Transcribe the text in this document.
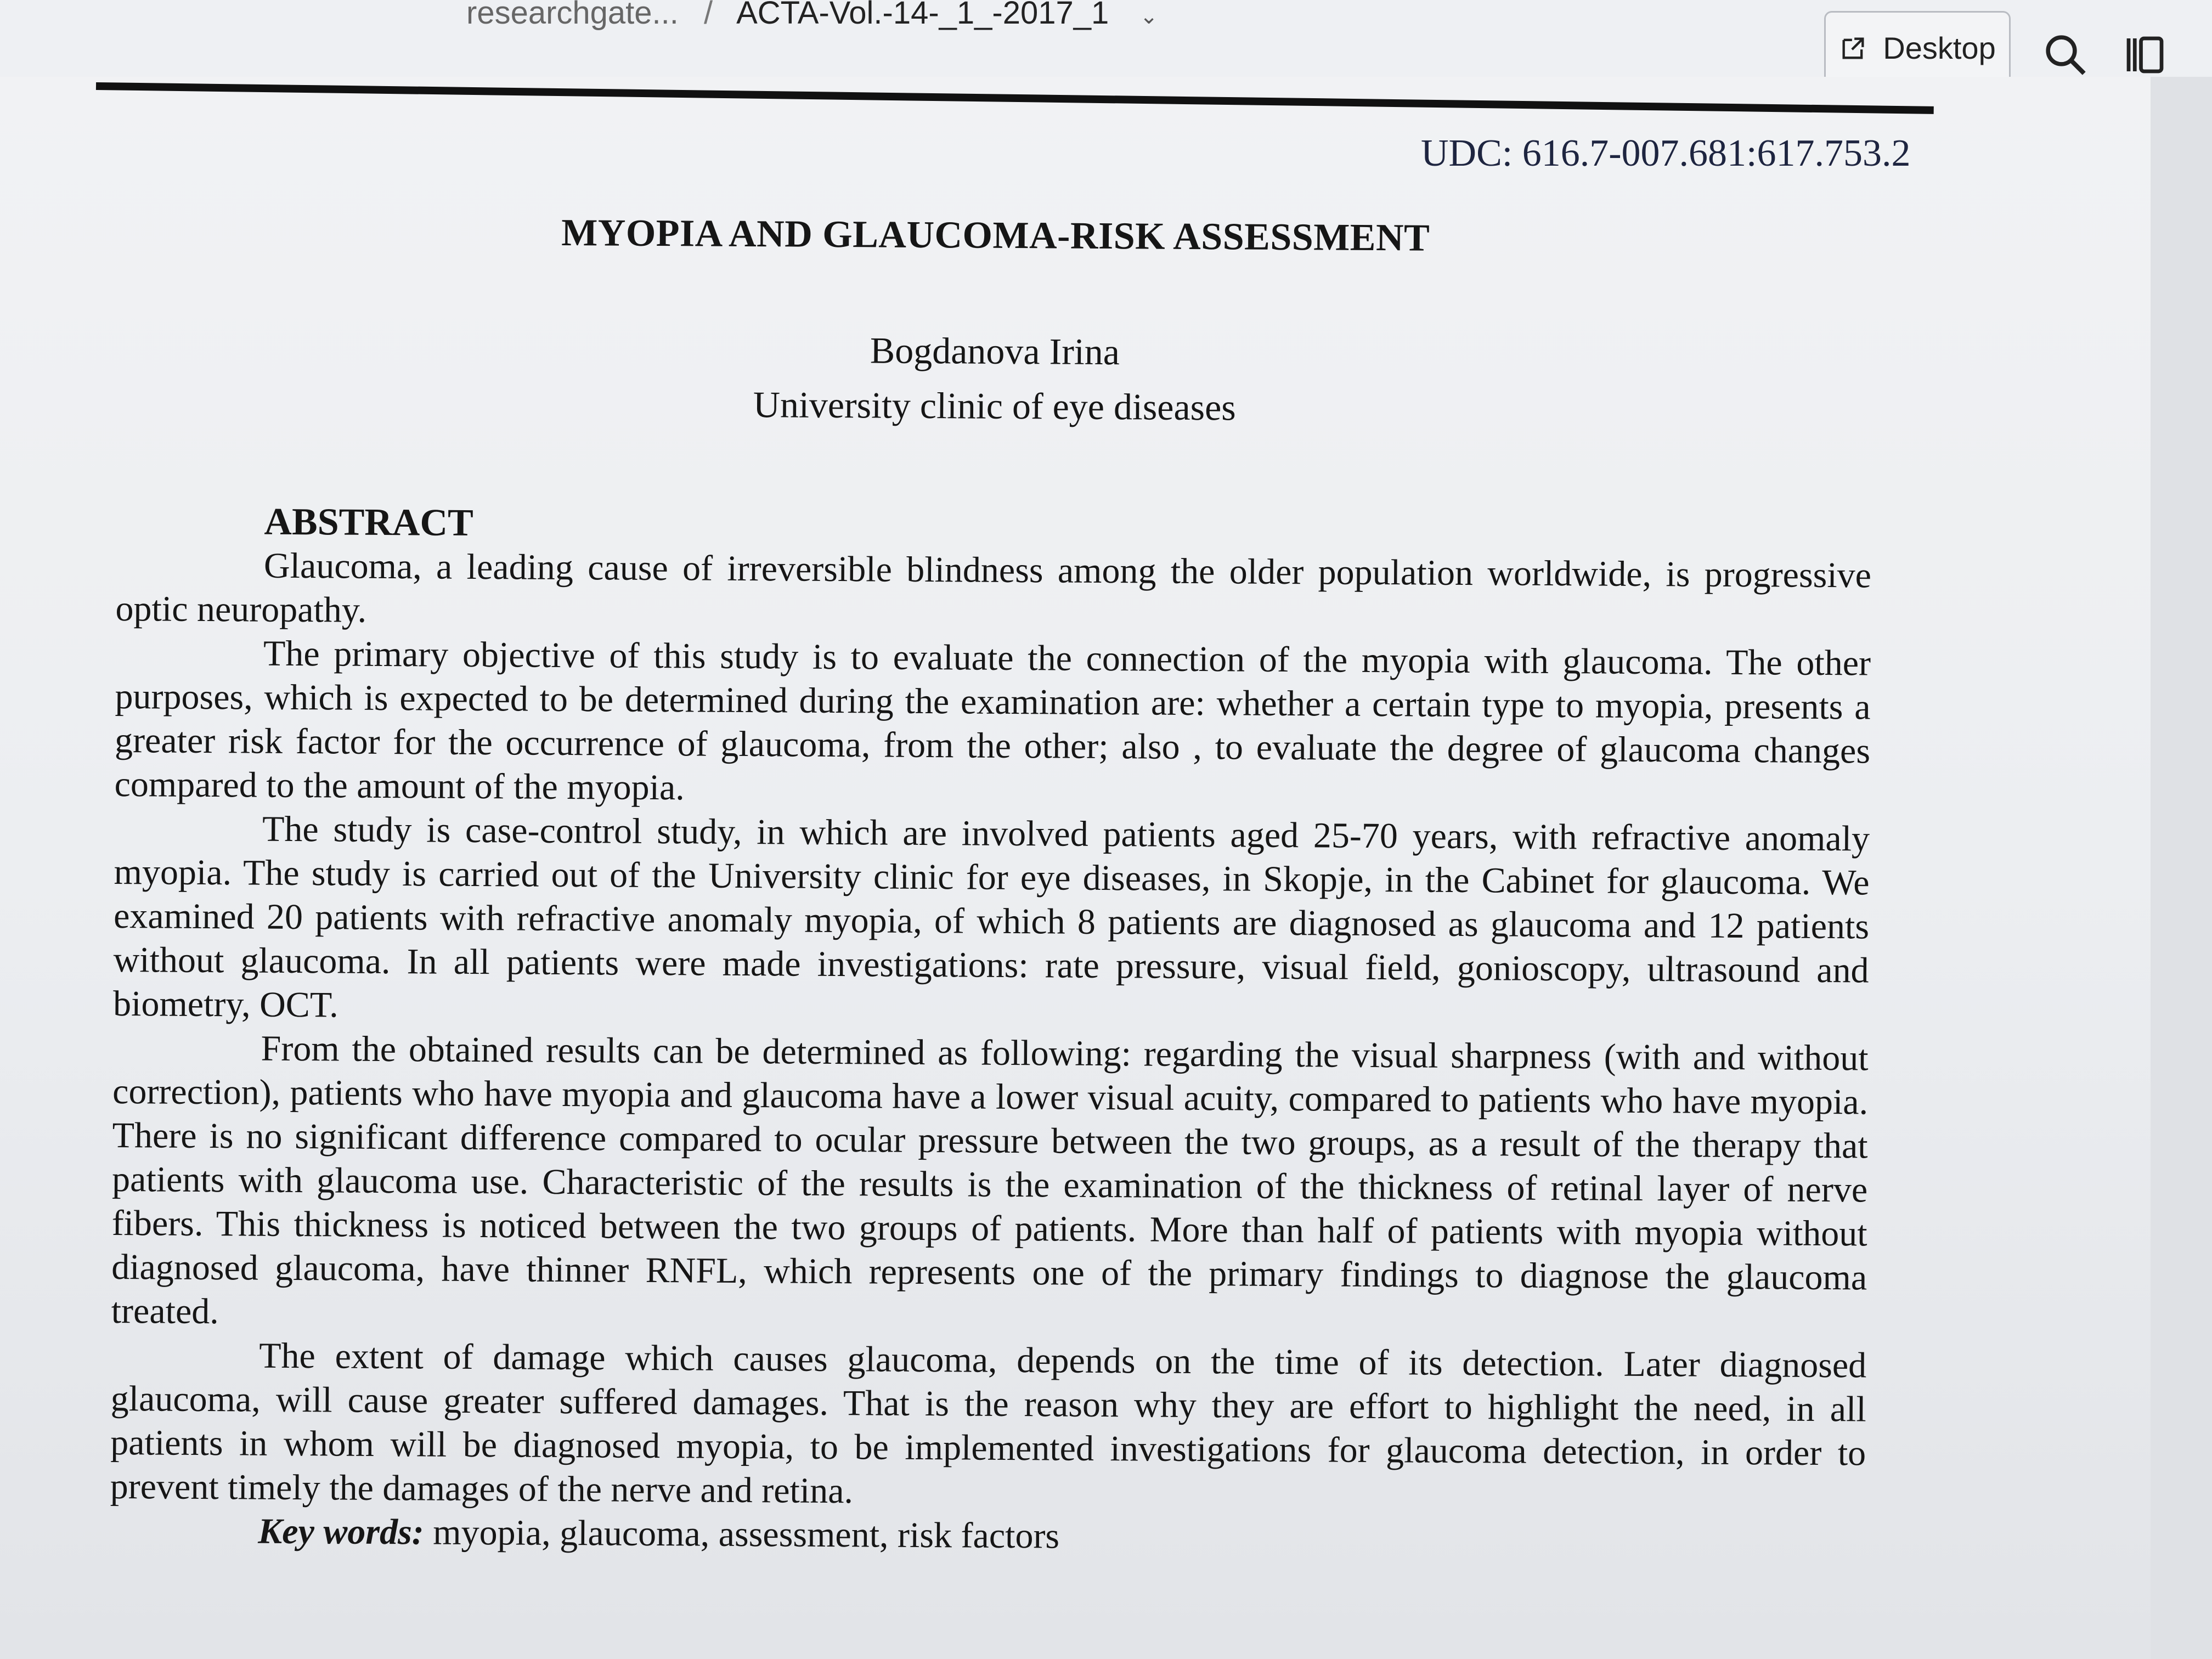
researchgate... / ACTA-Vol.-14-_1_-2017_1 ⌄
Desktop
UDC: 616.7-007.681:617.753.2

MYOPIA AND GLAUCOMA-RISK ASSESSMENT

Bogdanova Irina

University clinic of eye diseases

ABSTRACT

Glaucoma, a leading cause of irreversible blindness among the older population worldwide, is progressive optic neuropathy.

The primary objective of this study is to evaluate the connection of the myopia with glaucoma. The other purposes, which is expected to be determined during the examination are: whether a certain type to myopia, presents a greater risk factor for the occurrence of glaucoma, from the other; also , to evaluate the degree of glaucoma changes compared to the amount of the myopia.

The study is case-control study, in which are involved patients aged 25-70 years, with refractive anomaly myopia. The study is carried out of the University clinic for eye diseases, in Skopje, in the Cabinet for glaucoma. We examined 20 patients with refractive anomaly myopia, of which 8 patients are diagnosed as glaucoma and 12 patients without glaucoma. In all patients were made investigations: rate pressure, visual field, gonioscopy, ultrasound and biometry, OCT.

From the obtained results can be determined as following: regarding the visual sharpness (with and without correction), patients who have myopia and glaucoma have a lower visual acuity, compared to patients who have myopia. There is no significant difference compared to ocular pressure between the two groups, as a result of the therapy that patients with glaucoma use. Characteristic of the results is the examination of the thickness of retinal layer of nerve fibers. This thickness is noticed between the two groups of patients. More than half of patients with myopia without diagnosed glaucoma, have thinner RNFL, which represents one of the primary findings to diagnose the glaucoma treated.

The extent of damage which causes glaucoma, depends on the time of its detection. Later diagnosed glaucoma, will cause greater suffered damages. That is the reason why they are effort to highlight the need, in all patients in whom will be diagnosed myopia, to be implemented investigations for glaucoma detection, in order to prevent timely the damages of the nerve and retina.

Key words: myopia, glaucoma, assessment, risk factors
